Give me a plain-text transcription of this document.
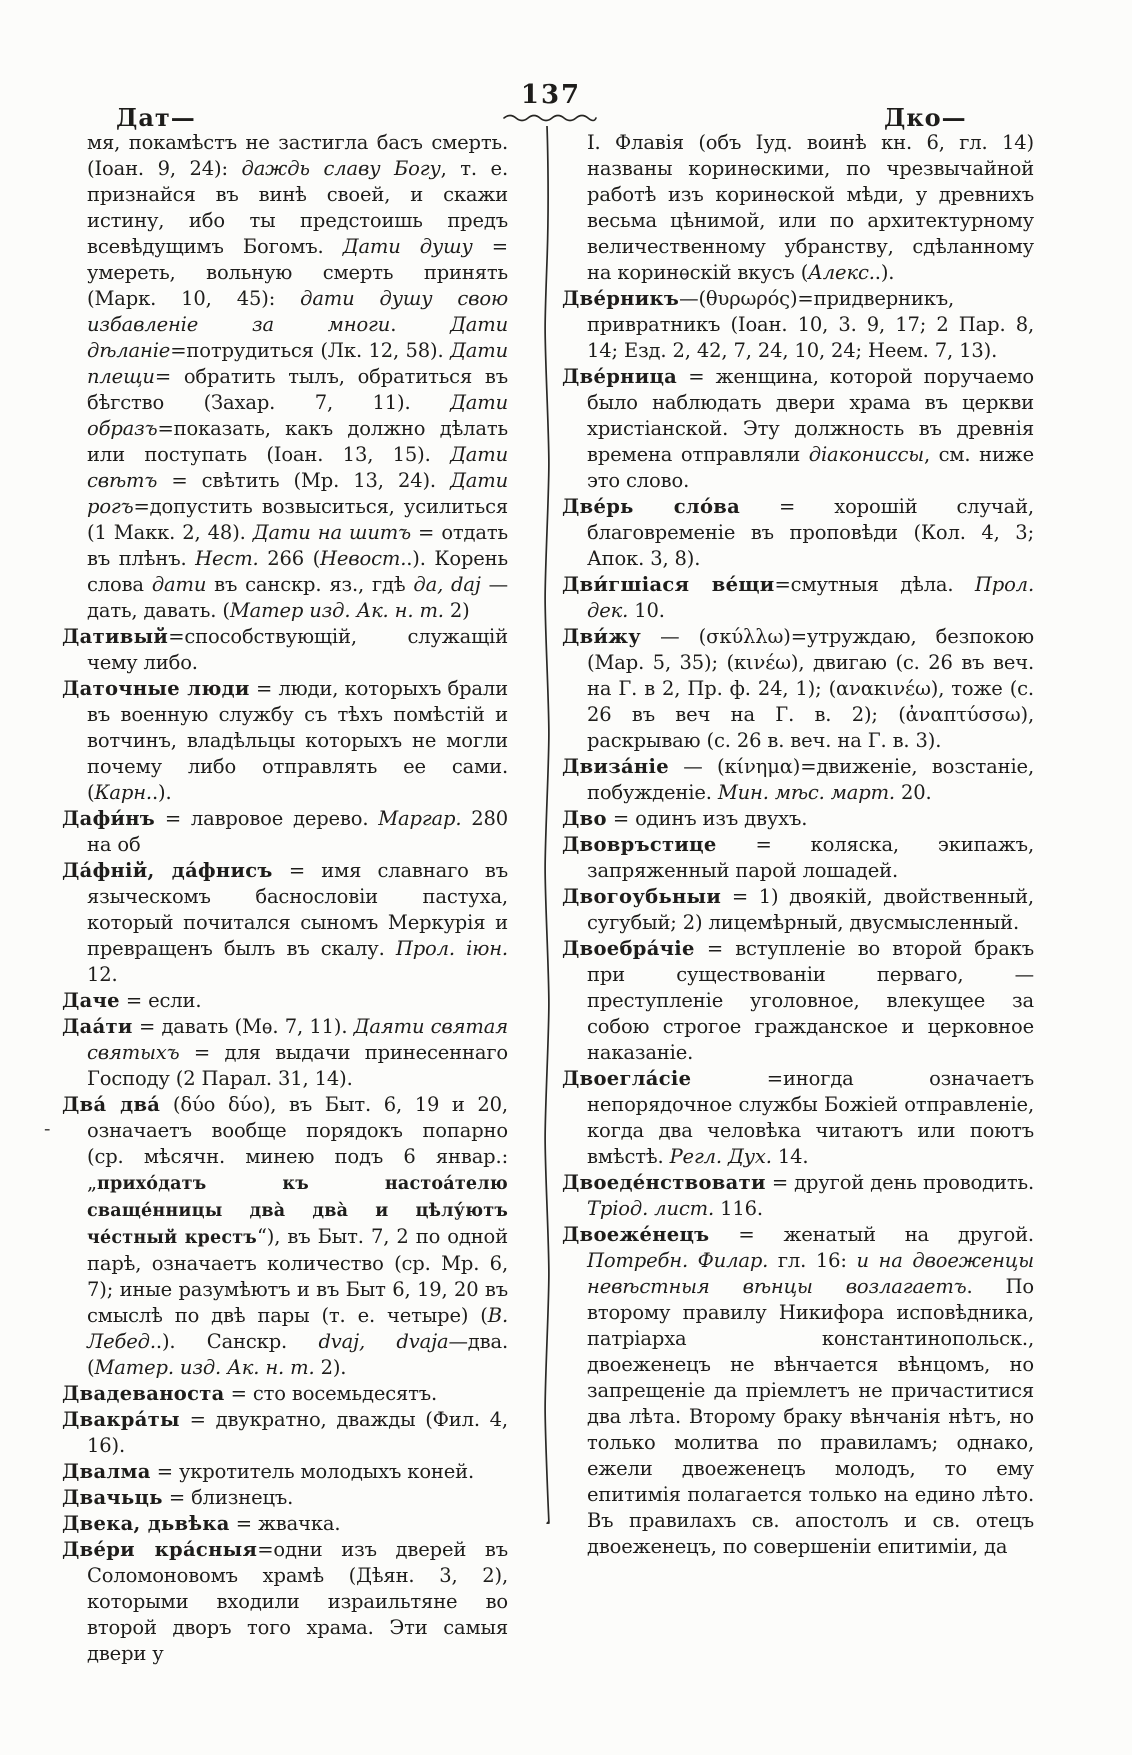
Дат—
137
Дко—
-

мя, покамѣстъ не застигла басъ смерть. (Іоан. 9, 24): даждь славу Богу, т. е. признайся въ винѣ своей, и скажи истину, ибо ты предстоишь предъ всевѣдущимъ Богомъ. Дати душу = умереть, вольную смерть принять (Марк. 10, 45): дати душу свою избавленіе за многи. Дати дѣланіе=потрудиться (Лк. 12, 58). Дати плещи= обратить тылъ, обратиться въ бѣгство (Захар. 7, 11). Дати образъ=показать, какъ должно дѣлать или поступать (Іоан. 13, 15). Дати свѣтъ = свѣтить (Мр. 13, 24). Дати рогъ=допустить возвыситься, усилиться (1 Макк. 2, 48). Дати на шитъ = отдать въ плѣнъ. Нест. 266 (Невост..). Корень слова дати въ санскр. яз., гдѣ да, daj — дать, давать. (Матер изд. Ак. н. т. 2)

Дативый=способствующій, служащій чему либо.

Даточные люди = люди, которыхъ брали въ военную службу съ тѣхъ помѣстій и вотчинъ, владѣльцы которыхъ не могли почему либо отправлять ее сами. (Карн..).

Дафи́нъ = лавровое дерево. Маргар. 280 на об

Да́фній, да́фнисъ = имя славнаго въ языческомъ баснословіи пастуха, который почитался сыномъ Меркурія и превращенъ былъ въ скалу. Прол. іюн. 12.

Даче = если.

Даа́ти = давать (Мѳ. 7, 11). Даяти святая святыхъ = для выдачи принесеннаго Господу (2 Парал. 31, 14).

Два́ два́ (δύο δύο), въ Быт. 6, 19 и 20, означаетъ вообще порядокъ попарно (ср. мѣсячн. минею подъ 6 январ.: „прихо́датъ къ настоа́телю сваще́нницы два̀ два̀ и цѣлу́ютъ че́стный крестъ“), въ Быт. 7, 2 по одной парѣ, означаетъ количество (ср. Мр. 6, 7); иные разумѣютъ и въ Быт 6, 19, 20 въ смыслѣ по двѣ пары (т. е. четыре) (В. Лебед..). Санскр. dvaj, dvaja—два. (Матер. изд. Ак. н. т. 2).

Двадеваноста = сто восемьдесятъ.

Двакра́ты = двукратно, дважды (Фил. 4, 16).

Двалма = укротитель молодыхъ коней.

Двачьць = близнецъ.

Двека, дьвѣка = жвачка.

Две́ри кра́сныя=одни изъ дверей въ Соломоновомъ храмѣ (Дѣян. 3, 2), которыми входили израильтяне во второй дворъ того храма. Эти самыя двери у

І. Флавія (объ Іуд. воинѣ кн. 6, гл. 14) названы коринѳскими, по чрезвычайной работѣ изъ коринѳской мѣди, у древнихъ весьма цѣнимой, или по архитектурному величественному убранству, сдѣланному на коринѳскій вкусъ (Алекс..).

Две́рникъ—(θυρωρός)=придверникъ, привратникъ (Іоан. 10, 3. 9, 17; 2 Пар. 8, 14; Езд. 2, 42, 7, 24, 10, 24; Неем. 7, 13).

Две́рница = женщина, которой поручаемо было наблюдать двери храма въ церкви христіанской. Эту должность въ древнія времена отправляли діакониссы, см. ниже это слово.

Две́рь сло́ва = хорошій случай, благовременіе въ проповѣди (Кол. 4, 3; Апок. 3, 8).

Дви́гшіася ве́щи=смутныя дѣла. Прол. дек. 10.

Дви́жу — (σκύλλω)=утруждаю, безпокою (Мар. 5, 35); (κινέω), двигаю (с. 26 въ веч. на Г. в 2, Пр. ф. 24, 1); (ανακινέω), тоже (с. 26 въ веч на Г. в. 2); (ἀναπτύσσω), раскрываю (с. 26 в. веч. на Г. в. 3).

Двиза́ніе — (κίνημα)=движеніе, возстаніе, побужденіе. Мин. мѣс. март. 20.

Дво = одинъ изъ двухъ.

Двовръстице = коляска, экипажъ, запряженный парой лошадей.

Двогоубьныи = 1) двоякій, двойственный, сугубый; 2) лицемѣрный, двусмысленный.

Двоебра́чіе = вступленіе во второй бракъ при существованіи перваго, — преступленіе уголовное, влекущее за собою строгое гражданское и церковное наказаніе.

Двоегла́сіе =иногда означаетъ непорядочное службы Божіей отправленіе, когда два человѣка читаютъ или поютъ вмѣстѣ. Регл. Дух. 14.

Двоеде́нствовати = другой день проводить. Тріод. лист. 116.

Двоеже́нецъ = женатый на другой. Потребн. Филар. гл. 16: и на двоеженцы невѣстныя вѣнцы возлагаетъ. По второму правилу Никифора исповѣдника, патріарха константинопольск., двоеженецъ не вѣнчается вѣнцомъ, но запрещеніе да пріемлетъ не причаститися два лѣта. Второму браку вѣнчанія нѣтъ, но только молитва по правиламъ; однако, ежели двоеженецъ молодъ, то ему епитимія полагается только на едино лѣто. Въ правилахъ св. апостолъ и св. отецъ двоеженецъ, по совершеніи епитиміи, да
